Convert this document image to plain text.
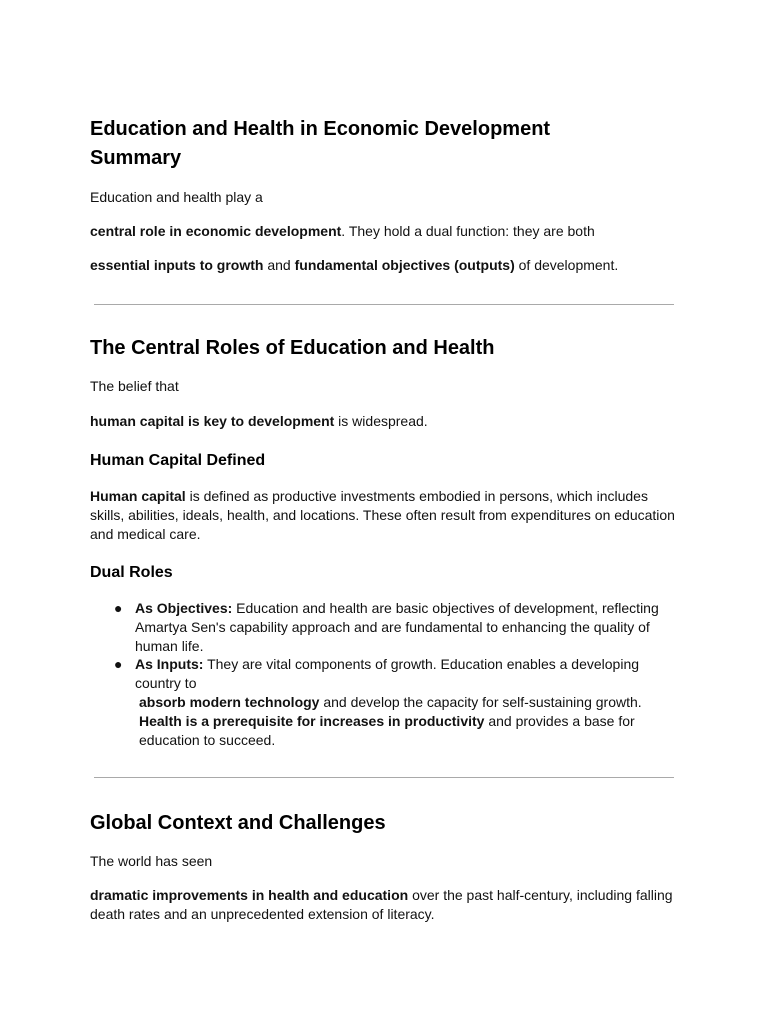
Education and Health in Economic Development Summary

Education and health play a

central role in economic development. They hold a dual function: they are both

essential inputs to growth and fundamental objectives (outputs) of development.

The Central Roles of Education and Health

The belief that

human capital is key to development is widespread.

Human Capital Defined

Human capital is defined as productive investments embodied in persons, which includes skills, abilities, ideals, health, and locations. These often result from expenditures on education and medical care.

Dual Roles
● As Objectives: Education and health are basic objectives of development, reflecting Amartya Sen's capability approach and are fundamental to enhancing the quality of human life.
● As Inputs: They are vital components of growth. Education enables a developing country to
absorb modern technology and develop the capacity for self-sustaining growth.
Health is a prerequisite for increases in productivity and provides a base for education to succeed.
Global Context and Challenges

The world has seen

dramatic improvements in health and education over the past half-century, including falling death rates and an unprecedented extension of literacy.
